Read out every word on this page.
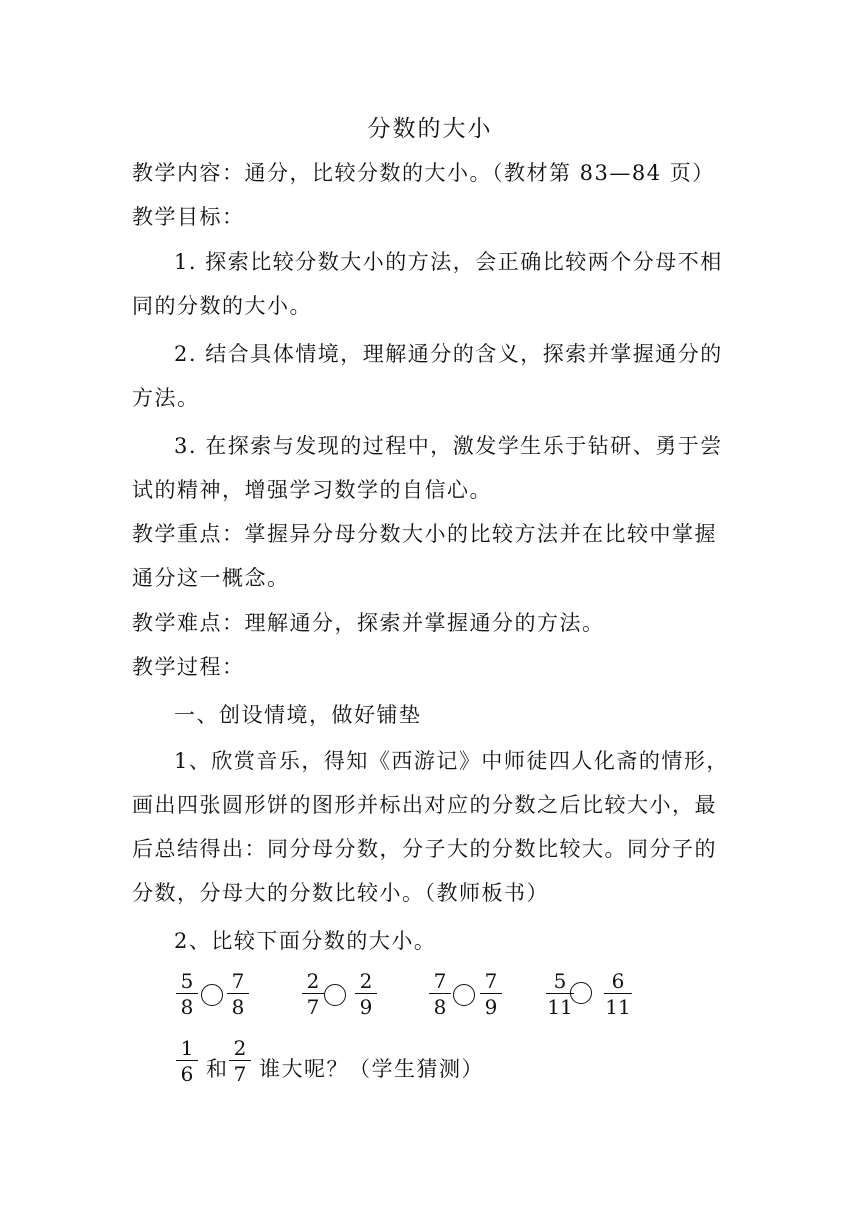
分数的大小
教学内容：通分，比较分数的大小。（教材第 83—84 页）
教学目标：
1. 探索比较分数大小的方法，会正确比较两个分母不相
同的分数的大小。
2. 结合具体情境，理解通分的含义，探索并掌握通分的
方法。
3. 在探索与发现的过程中，激发学生乐于钻研、勇于尝
试的精神，增强学习数学的自信心。
教学重点：掌握异分母分数大小的比较方法并在比较中掌握
通分这一概念。
教学难点：理解通分，探索并掌握通分的方法。
教学过程：
一、创设情境，做好铺垫
1、欣赏音乐，得知《西游记》中师徒四人化斋的情形，
画出四张圆形饼的图形并标出对应的分数之后比较大小，最
后总结得出：同分母分数，分子大的分数比较大。同分子的
分数，分母大的分数比较小。（教师板书）
2、比较下面分数的大小。
5
8
7
8
2
7
2
9
7
8
7
9
5
11
6
11
1
6 和
2
7 谁大呢？（学生猜测）
